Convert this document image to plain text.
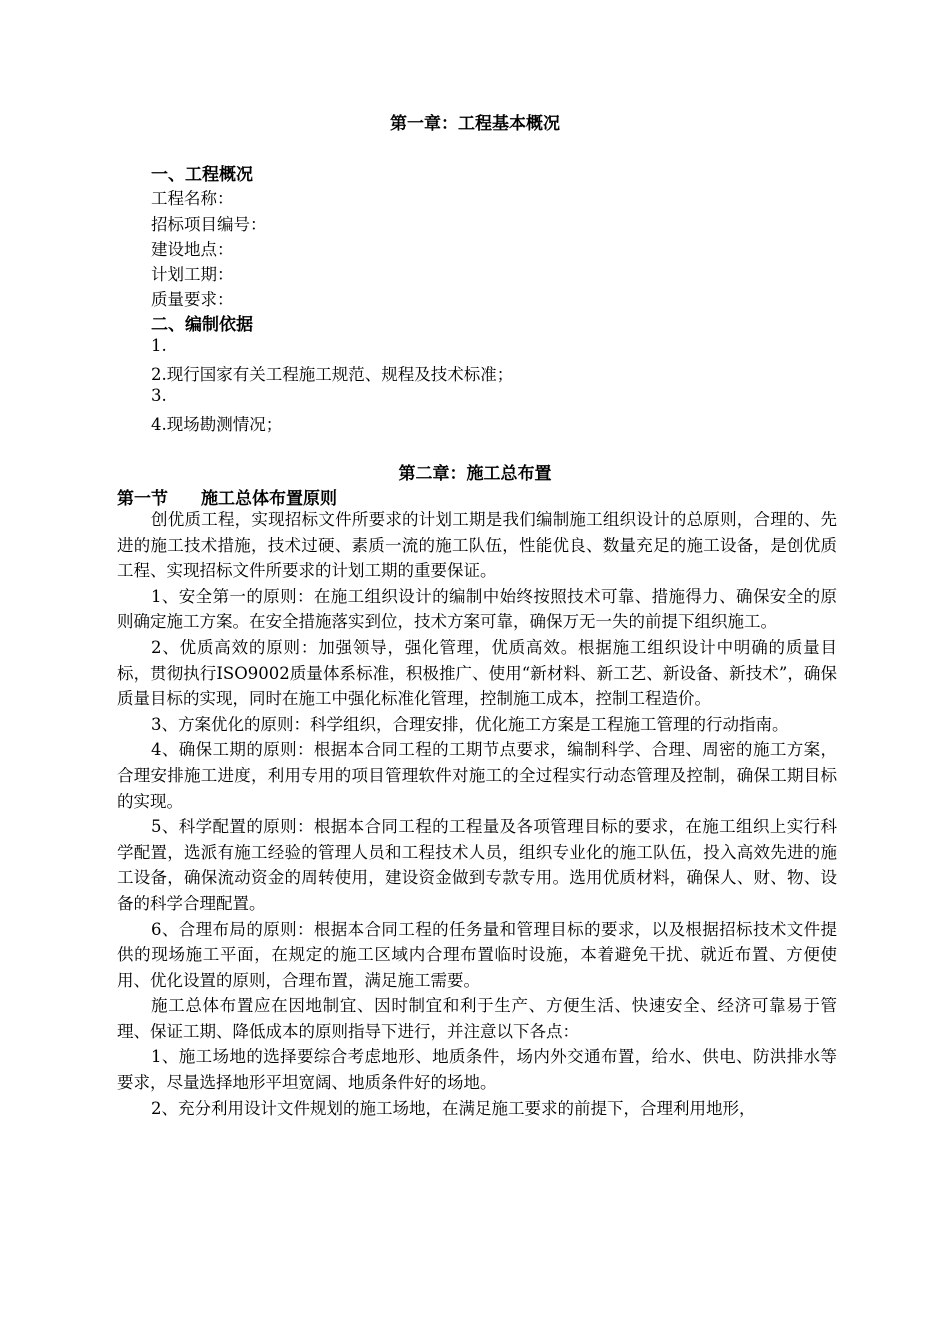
第一章：工程基本概况
一、工程概况
工程名称：
招标项目编号：
建设地点：
计划工期：
质量要求：
二、编制依据
1.
2.现行国家有关工程施工规范、规程及技术标准；
3.
4.现场勘测情况；
第二章：施工总布置
第一节 施工总体布置原则

创优质工程，实现招标文件所要求的计划工期是我们编制施工组织设计的总原则，合理的、先进的施工技术措施，技术过硬、素质一流的施工队伍，性能优良、数量充足的施工设备，是创优质工程、实现招标文件所要求的计划工期的重要保证。

1、安全第一的原则：在施工组织设计的编制中始终按照技术可靠、措施得力、确保安全的原则确定施工方案。在安全措施落实到位，技术方案可靠，确保万无一失的前提下组织施工。

2、优质高效的原则：加强领导，强化管理，优质高效。根据施工组织设计中明确的质量目标，贯彻执行ISO9002质量体系标准，积极推广、使用“新材料、新工艺、新设备、新技术”，确保质量目标的实现，同时在施工中强化标准化管理，控制施工成本，控制工程造价。

3、方案优化的原则：科学组织，合理安排，优化施工方案是工程施工管理的行动指南。

4、确保工期的原则：根据本合同工程的工期节点要求，编制科学、合理、周密的施工方案，合理安排施工进度，利用专用的项目管理软件对施工的全过程实行动态管理及控制，确保工期目标的实现。

5、科学配置的原则：根据本合同工程的工程量及各项管理目标的要求，在施工组织上实行科学配置，选派有施工经验的管理人员和工程技术人员，组织专业化的施工队伍，投入高效先进的施工设备，确保流动资金的周转使用，建设资金做到专款专用。选用优质材料，确保人、财、物、设备的科学合理配置。

6、合理布局的原则：根据本合同工程的任务量和管理目标的要求，以及根据招标技术文件提供的现场施工平面，在规定的施工区域内合理布置临时设施，本着避免干扰、就近布置、方便使用、优化设置的原则，合理布置，满足施工需要。

施工总体布置应在因地制宜、因时制宜和利于生产、方便生活、快速安全、经济可靠易于管理、保证工期、降低成本的原则指导下进行，并注意以下各点：

1、施工场地的选择要综合考虑地形、地质条件，场内外交通布置，给水、供电、防洪排水等要求，尽量选择地形平坦宽阔、地质条件好的场地。

2、充分利用设计文件规划的施工场地，在满足施工要求的前提下，合理利用地形，
